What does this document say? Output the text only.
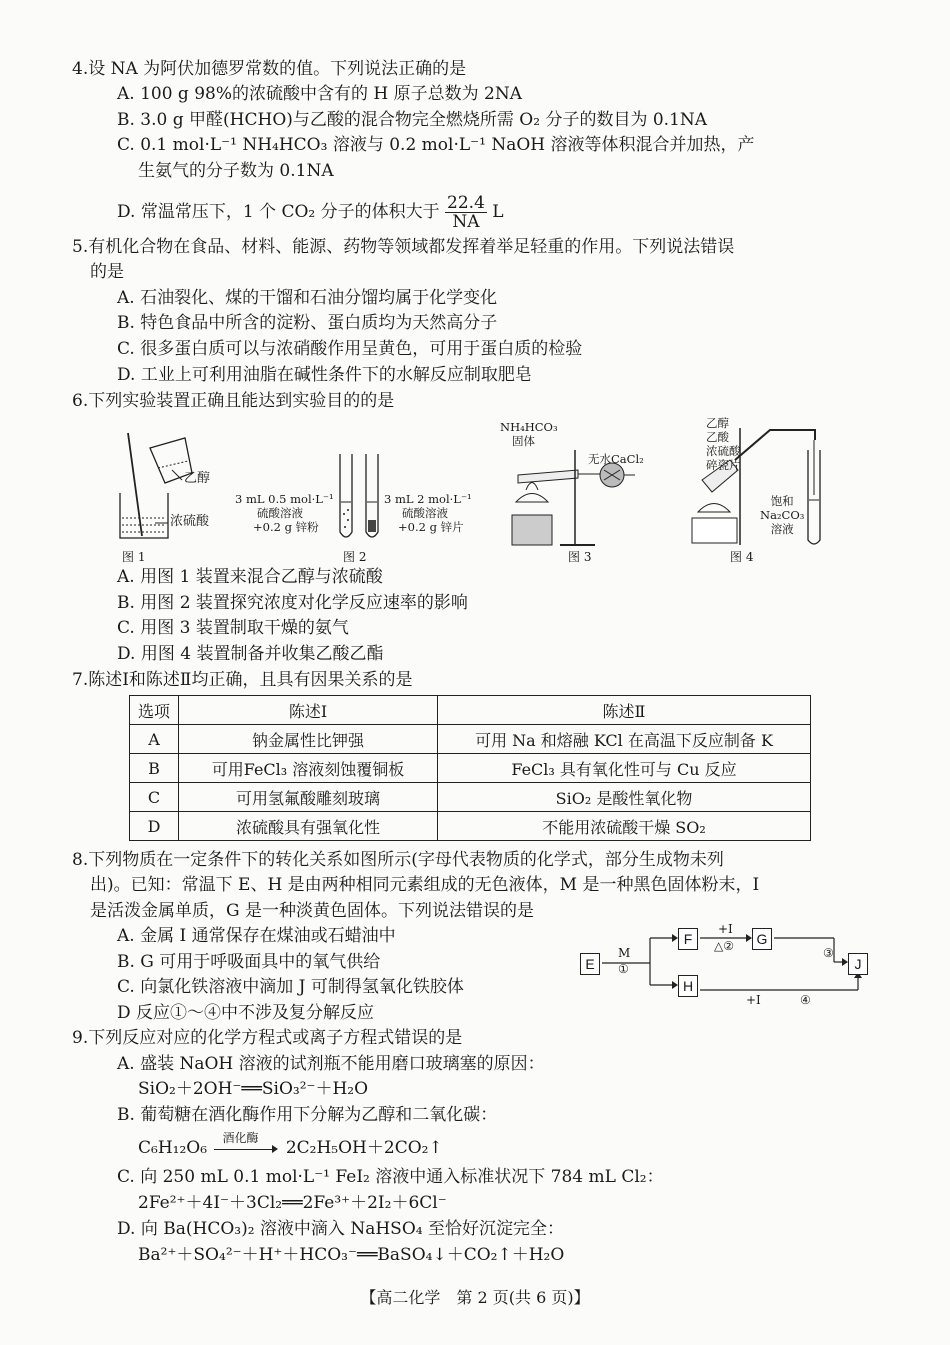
4.设 NA 为阿伏加德罗常数的值。下列说法正确的是
A. 100 g 98%的浓硫酸中含有的 H 原子总数为 2NA
B. 3.0 g 甲醛(HCHO)与乙酸的混合物完全燃烧所需 O₂ 分子的数目为 0.1NA
C. 0.1 mol·L⁻¹ NH₄HCO₃ 溶液与 0.2 mol·L⁻¹ NaOH 溶液等体积混合并加热，产
生氨气的分子数为 0.1NA
D. 常温常压下，1 个 CO₂ 分子的体积大于 $\frac{22.4}{NA}$ L
5.有机化合物在食品、材料、能源、药物等领域都发挥着举足轻重的作用。下列说法错误
的是
A. 石油裂化、煤的干馏和石油分馏均属于化学变化
B. 特色食品中所含的淀粉、蛋白质均为天然高分子
C. 很多蛋白质可以与浓硝酸作用呈黄色，可用于蛋白质的检验
D. 工业上可利用油脂在碱性条件下的水解反应制取肥皂
6.下列实验装置正确且能达到实验目的的是
乙醇
浓硫酸
图 1
3 mL 0.5 mol·L⁻¹
硫酸溶液
+0.2 g 锌粉
3 mL 2 mol·L⁻¹
硫酸溶液
+0.2 g 锌片
图 2
NH₄HCO₃
固体
无水CaCl₂
图 3
乙醇
乙酸
浓硫酸
碎瓷片
饱和
Na₂CO₃
溶液
图 4
A. 用图 1 装置来混合乙醇与浓硫酸
B. 用图 2 装置探究浓度对化学反应速率的影响
C. 用图 3 装置制取干燥的氨气
D. 用图 4 装置制备并收集乙酸乙酯
7.陈述Ⅰ和陈述Ⅱ均正确，且具有因果关系的是
选项	陈述Ⅰ	陈述Ⅱ
A	钠金属性比钾强	可用 Na 和熔融 KCl 在高温下反应制备 K
B	可用FeCl₃ 溶液刻蚀覆铜板	FeCl₃ 具有氧化性可与 Cu 反应
C	可用氢氟酸雕刻玻璃	SiO₂ 是酸性氧化物
D	浓硫酸具有强氧化性	不能用浓硫酸干燥 SO₂
8.下列物质在一定条件下的转化关系如图所示(字母代表物质的化学式，部分生成物未列
出)。已知：常温下 E、H 是由两种相同元素组成的无色液体，M 是一种黑色固体粉末，I
是活泼金属单质，G 是一种淡黄色固体。下列说法错误的是
A. 金属 I 通常保存在煤油或石蜡油中
B. G 可用于呼吸面具中的氧气供给
C. 向氯化铁溶液中滴加 J 可制得氢氧化铁胶体
D 反应①～④中不涉及复分解反应
E
F	G
H
J
M
①
+I
△②	③
+I	④
9.下列反应对应的化学方程式或离子方程式错误的是
A. 盛装 NaOH 溶液的试剂瓶不能用磨口玻璃塞的原因：
SiO₂＋2OH⁻══SiO₃²⁻＋H₂O
B. 葡萄糖在酒化酶作用下分解为乙醇和二氧化碳：
C₆H₁₂O₆
酒化酶
2C₂H₅OH＋2CO₂↑
C. 向 250 mL 0.1 mol·L⁻¹ FeI₂ 溶液中通入标准状况下 784 mL Cl₂：
2Fe²⁺＋4I⁻＋3Cl₂══2Fe³⁺＋2I₂＋6Cl⁻
D. 向 Ba(HCO₃)₂ 溶液中滴入 NaHSO₄ 至恰好沉淀完全：
Ba²⁺＋SO₄²⁻＋H⁺＋HCO₃⁻══BaSO₄↓＋CO₂↑＋H₂O
【高二化学　第 2 页(共 6 页)】
